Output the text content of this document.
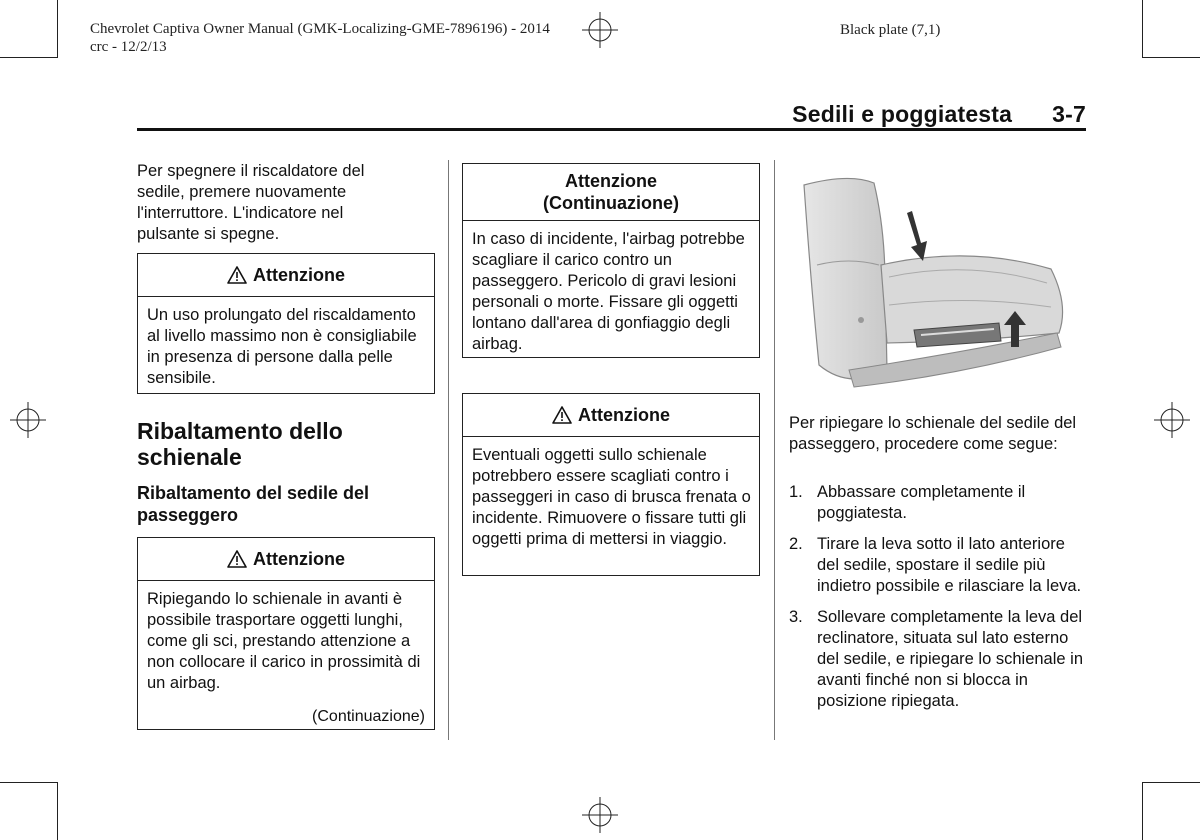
Chevrolet Captiva Owner Manual (GMK-Localizing-GME-7896196) - 2014
crc - 12/2/13
Black plate (7,1)
Sedili e poggiatesta 3-7
Per spegnere il riscaldatore del sedile, premere nuovamente l'interruttore. L'indicatore nel pulsante si spegne.
Attenzione
Un uso prolungato del riscaldamento al livello massimo non è consigliabile in presenza di persone dalla pelle sensibile.
Ribaltamento dello schienale
Ribaltamento del sedile del passeggero
Attenzione
Ripiegando lo schienale in avanti è possibile trasportare oggetti lunghi, come gli sci, prestando attenzione a non collocare il carico in prossimità di un airbag.
(Continuazione)
Attenzione (Continuazione)
In caso di incidente, l'airbag potrebbe scagliare il carico contro un passeggero. Pericolo di gravi lesioni personali o morte. Fissare gli oggetti lontano dall'area di gonfiaggio degli airbag.
Attenzione
Eventuali oggetti sullo schienale potrebbero essere scagliati contro i passeggeri in caso di brusca frenata o incidente. Rimuovere o fissare tutti gli oggetti prima di mettersi in viaggio.
Per ripiegare lo schienale del sedile del passeggero, procedere come segue:
1. Abbassare completamente il poggiatesta.
2. Tirare la leva sotto il lato anteriore del sedile, spostare il sedile più indietro possibile e rilasciare la leva.
3. Sollevare completamente la leva del reclinatore, situata sul lato esterno del sedile, e ripiegare lo schienale in avanti finché non si blocca in posizione ripiegata.
